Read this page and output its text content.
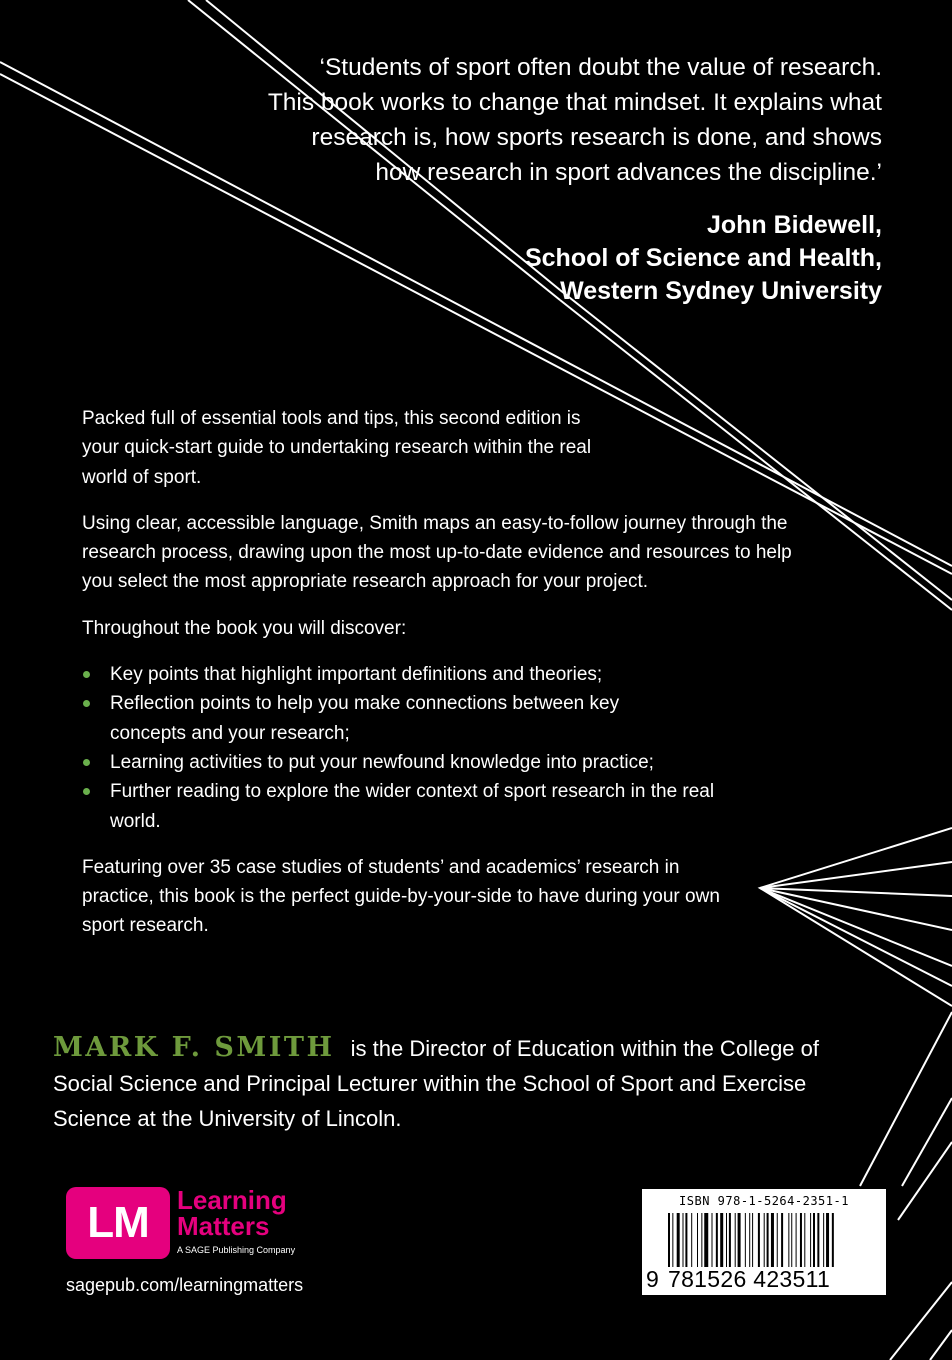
‘Students of sport often doubt the value of research.

This book works to change that mindset. It explains what

research is, how sports research is done, and shows

how research in sport advances the discipline.’

John Bidewell,
School of Science and Health,
Western Sydney University

Packed full of essential tools and tips, this second edition is your quick-start guide to undertaking research within the real world of sport.

Using clear, accessible language, Smith maps an easy-to-follow journey through the research process, drawing upon the most up-to-date evidence and resources to help you select the most appropriate research approach for your project.

Throughout the book you will discover:

Key points that highlight important definitions and theories;
Reflection points to help you make connections between key concepts and your research;
Learning activities to put your newfound knowledge into practice;
Further reading to explore the wider context of sport research in the real world.

Featuring over 35 case studies of students’ and academics’ research in practice, this book is the perfect guide-by-your-side to have during your own sport research.

MARK F. SMITH is the Director of Education within the College of Social Science and Principal Lecturer within the School of Sport and Exercise Science at the University of Lincoln.
LM	Learning
Matters
A SAGE Publishing Company
sagepub.com/learningmatters
ISBN 978-1-5264-2351-1
9 781526 423511
